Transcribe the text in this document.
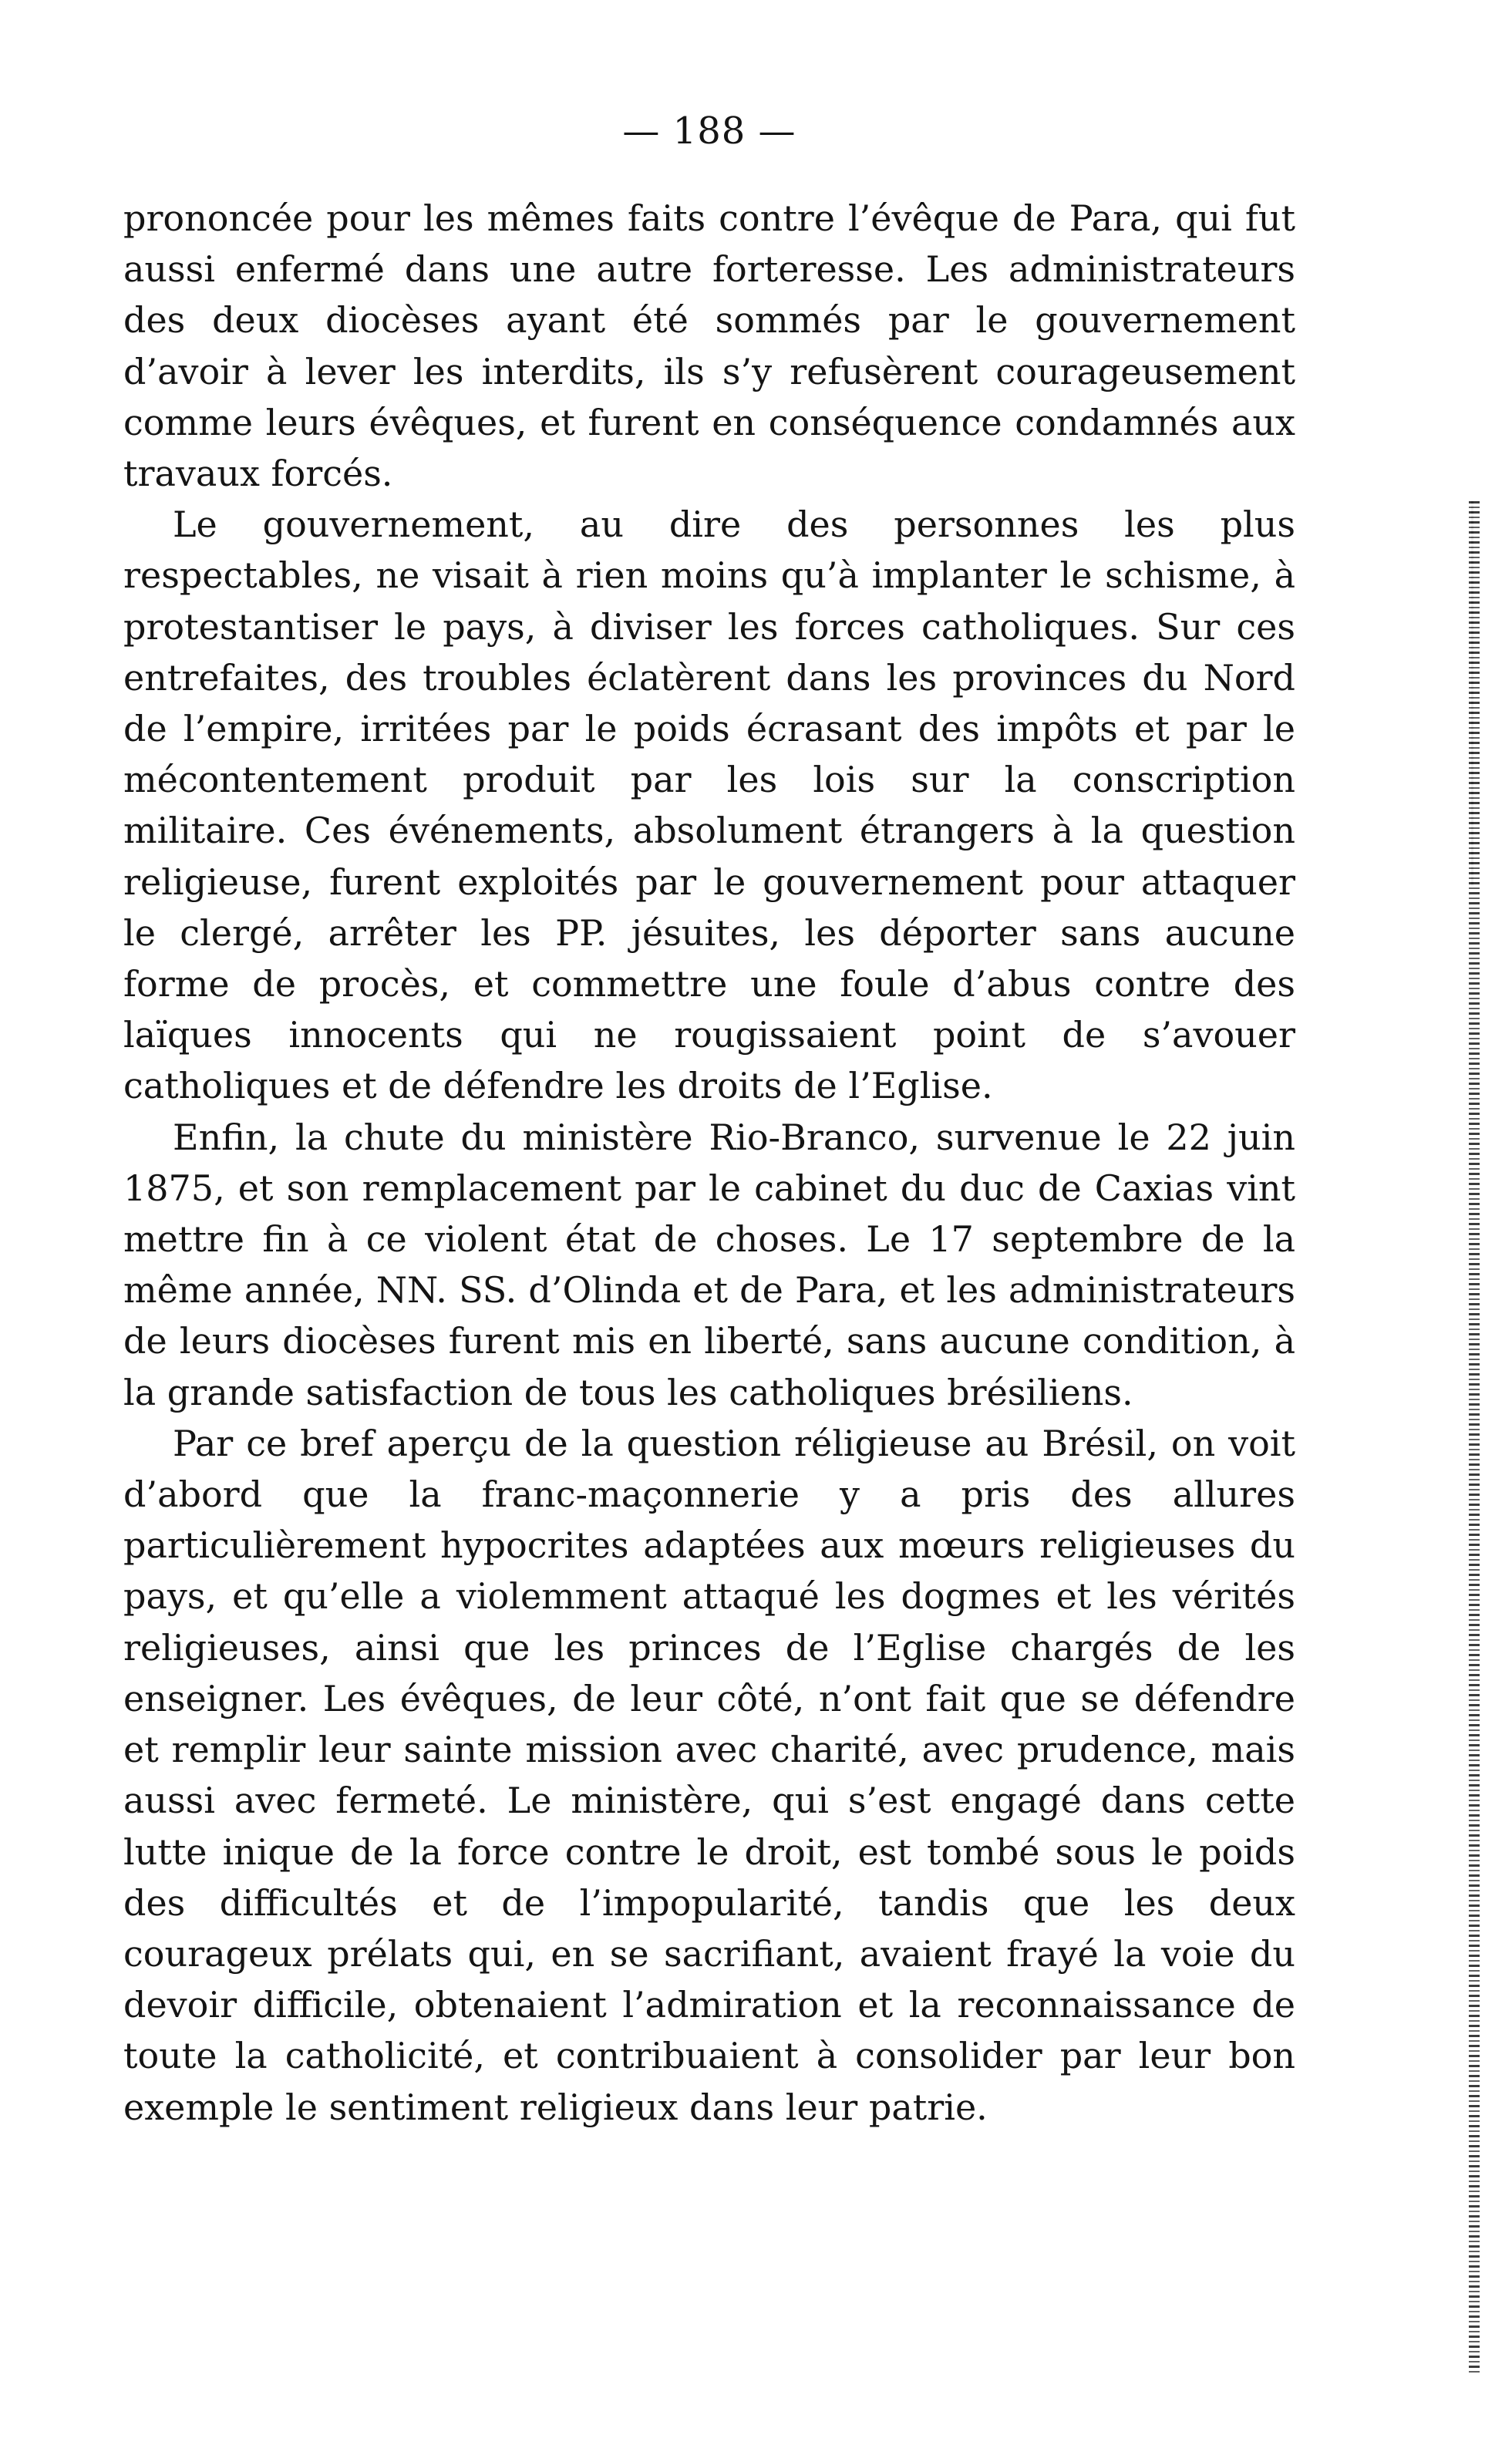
— 188 —

prononcée pour les mêmes faits contre l’évêque de Para, qui fut aussi enfermé dans une autre forteresse. Les administrateurs des deux diocèses ayant été sommés par le gouvernement d’avoir à lever les interdits, ils s’y refusèrent courageusement comme leurs évêques, et furent en conséquence condamnés aux travaux forcés.

Le gouvernement, au dire des personnes les plus respectables, ne visait à rien moins qu’à implanter le schisme, à protestantiser le pays, à diviser les forces catholiques. Sur ces entrefaites, des troubles éclatèrent dans les provinces du Nord de l’empire, irritées par le poids écrasant des impôts et par le mécontentement produit par les lois sur la conscription militaire. Ces événements, absolument étrangers à la question religieuse, furent exploités par le gouvernement pour attaquer le clergé, arrêter les PP. jésuites, les déporter sans aucune forme de procès, et commettre une foule d’abus contre des laïques innocents qui ne rougissaient point de s’avouer catholiques et de défendre les droits de l’Eglise.

Enfin, la chute du ministère Rio-Branco, survenue le 22 juin 1875, et son remplacement par le cabinet du duc de Caxias vint mettre fin à ce violent état de choses. Le 17 septembre de la même année, NN. SS. d’Olinda et de Para, et les administrateurs de leurs diocèses furent mis en liberté, sans aucune condition, à la grande satisfaction de tous les catholiques brésiliens.

Par ce bref aperçu de la question réligieuse au Brésil, on voit d’abord que la franc-maçonnerie y a pris des allures particulièrement hypocrites adaptées aux mœurs religieuses du pays, et qu’elle a violemment attaqué les dogmes et les vérités religieuses, ainsi que les princes de l’Eglise chargés de les enseigner. Les évêques, de leur côté, n’ont fait que se défendre et remplir leur sainte mission avec charité, avec prudence, mais aussi avec fermeté. Le ministère, qui s’est engagé dans cette lutte inique de la force contre le droit, est tombé sous le poids des difficultés et de l’impopularité, tandis que les deux courageux prélats qui, en se sacrifiant, avaient frayé la voie du devoir difficile, obtenaient l’admiration et la reconnaissance de toute la catholicité, et contribuaient à consolider par leur bon exemple le sentiment religieux dans leur patrie.
